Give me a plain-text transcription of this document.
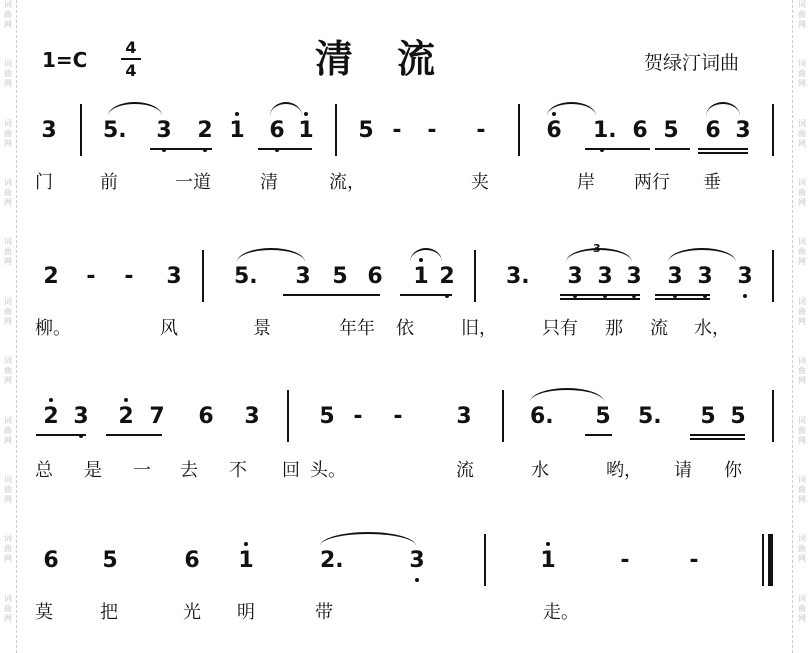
词
曲
网
词
曲
网
词
曲
网
词
曲
网
词
曲
网
词
曲
网
词
曲
网
词
曲
网
词
曲
网
词
曲
网
词
曲
网
词
曲
网
词
曲
网
词
曲
网
词
曲
网
词
曲
网
词
曲
网
词
曲
网
词
曲
网
词
曲
网
词
曲
网
词
曲
网
1=C
4
4	清流	贺绿汀词曲
3 5. 3 2 1 6 1 5 - - -	6 1. 6 5 6 3
门	前	一道	清	流，	夹	岸 两行 垂
2 - - 3 5. 3 5 6 1 2 3. 3 3 3 3 3 3
柳。	风	景	年年 依	旧，	只有 那 流 水，
3
2 3 2 7 6 3	5 - - 3	6. 5 5. 5 5
总 是 一 去 不 回 头。	流	水	哟， 请 你
6 5	6 1	2.	3	1	-	-
莫	把	光 明	带	走。
